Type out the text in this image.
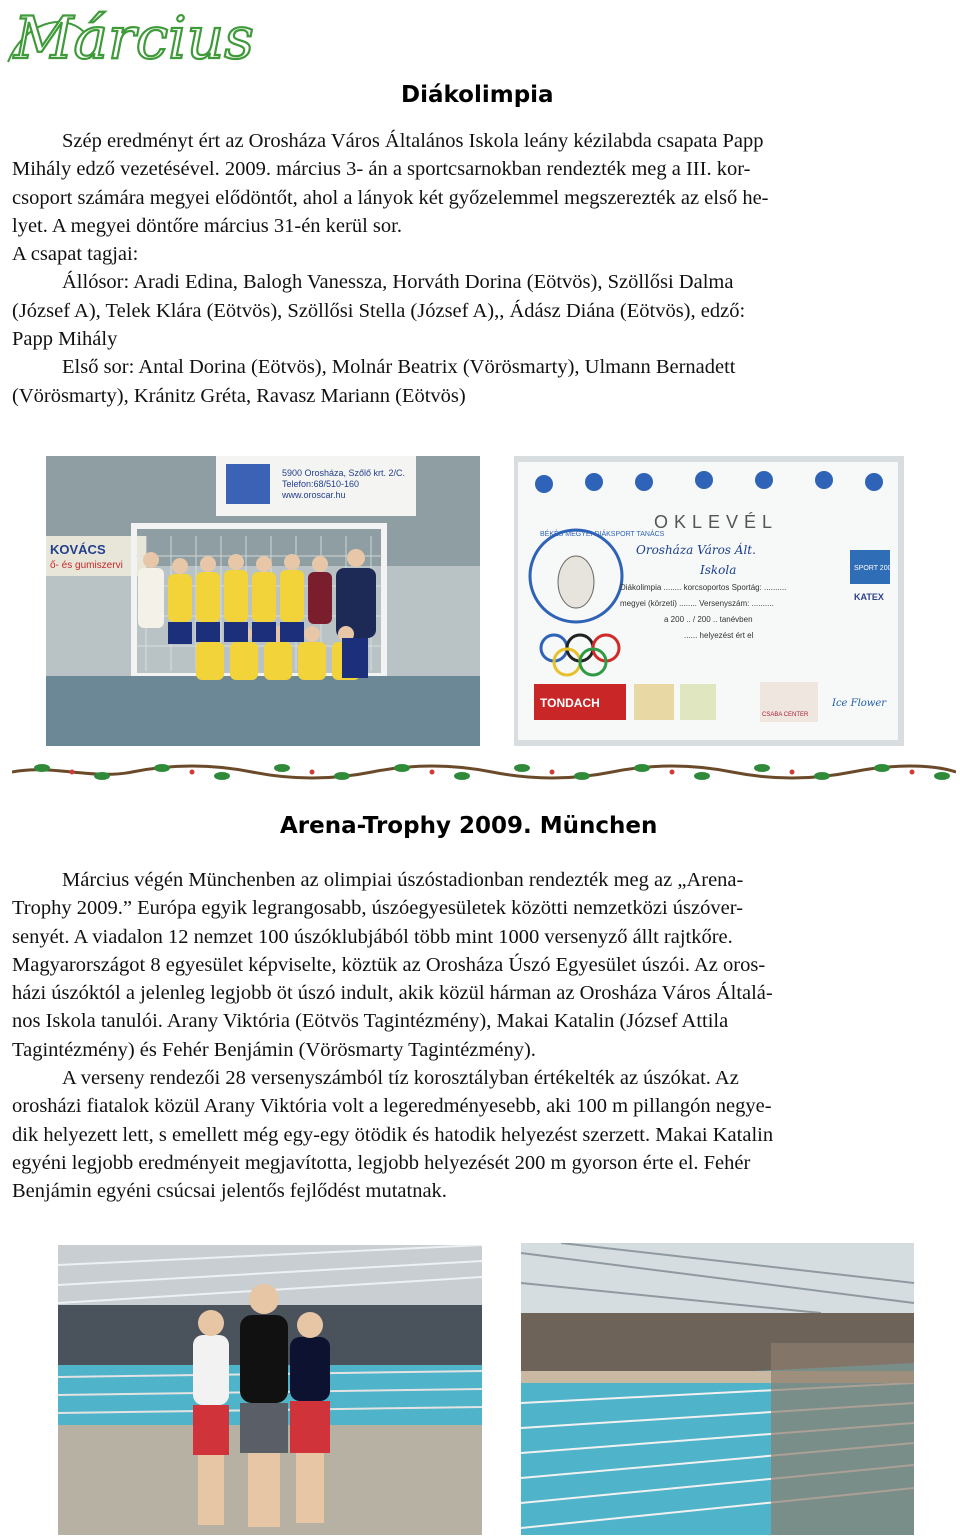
Március
Diákolimpia
Szép eredményt ért az Orosháza Város Általános Iskola leány kézilabda csapata Papp
Mihály edző vezetésével. 2009. március 3- án a sportcsarnokban rendezték meg a III. kor-
csoport számára megyei elődöntőt, ahol a lányok két győzelemmel megszerezték az első he-
lyet. A megyei döntőre március 31-én kerül sor.
A csapat tagjai:
Állósor: Aradi Edina, Balogh Vanessza, Horváth Dorina (Eötvös), Szöllősi Dalma
(József A), Telek Klára (Eötvös), Szöllősi Stella (József A),, Ádász Diána (Eötvös), edző:
Papp Mihály
Első sor: Antal Dorina (Eötvös), Molnár Beatrix (Vörösmarty), Ulmann Bernadett
(Vörösmarty), Kránitz Gréta, Ravasz Mariann (Eötvös)
5900 Orosháza, Szőlő krt. 2/C.
Telefon:68/510-160
www.oroscar.hu
KOVÁCS
ő- és gumiszervi
OKLEVÉL
Orosháza Város Ált.
Iskola
BÉKÉS MEGYEI DIÁKSPORT TANÁCS
Diákolimpia ........ korcsoportos Sportág: ..........
megyei (körzeti) ........ Versenyszám: ..........
a 200 .. / 200 .. tanévben
...... helyezést ért el
SPORT 2000
KATEX
TONDACH
CSABA CENTER
Ice Flower
Arena-Trophy 2009. München
Március végén Münchenben az olimpiai úszóstadionban rendezték meg az „Arena-
Trophy 2009.” Európa egyik legrangosabb, úszóegyesületek közötti nemzetközi úszóver-
senyét. A viadalon 12 nemzet 100 úszóklubjából több mint 1000 versenyző állt rajtkőre.
Magyarországot 8 egyesület képviselte, köztük az Orosháza Úszó Egyesület úszói. Az oros-
házi úszóktól a jelenleg legjobb öt úszó indult, akik közül hárman az Orosháza Város Általá-
nos Iskola tanulói. Arany Viktória (Eötvös Tagintézmény), Makai Katalin (József Attila
Tagintézmény) és Fehér Benjámin (Vörösmarty Tagintézmény).
A verseny rendezői 28 versenyszámból tíz korosztályban értékelték az úszókat. Az
orosházi fiatalok közül Arany Viktória volt a legeredményesebb, aki 100 m pillangón negye-
dik helyezett lett, s emellett még egy-egy ötödik és hatodik helyezést szerzett. Makai Katalin
egyéni legjobb eredményeit megjavította, legjobb helyezését 200 m gyorson érte el. Fehér
Benjámin egyéni csúcsai jelentős fejlődést mutatnak.
